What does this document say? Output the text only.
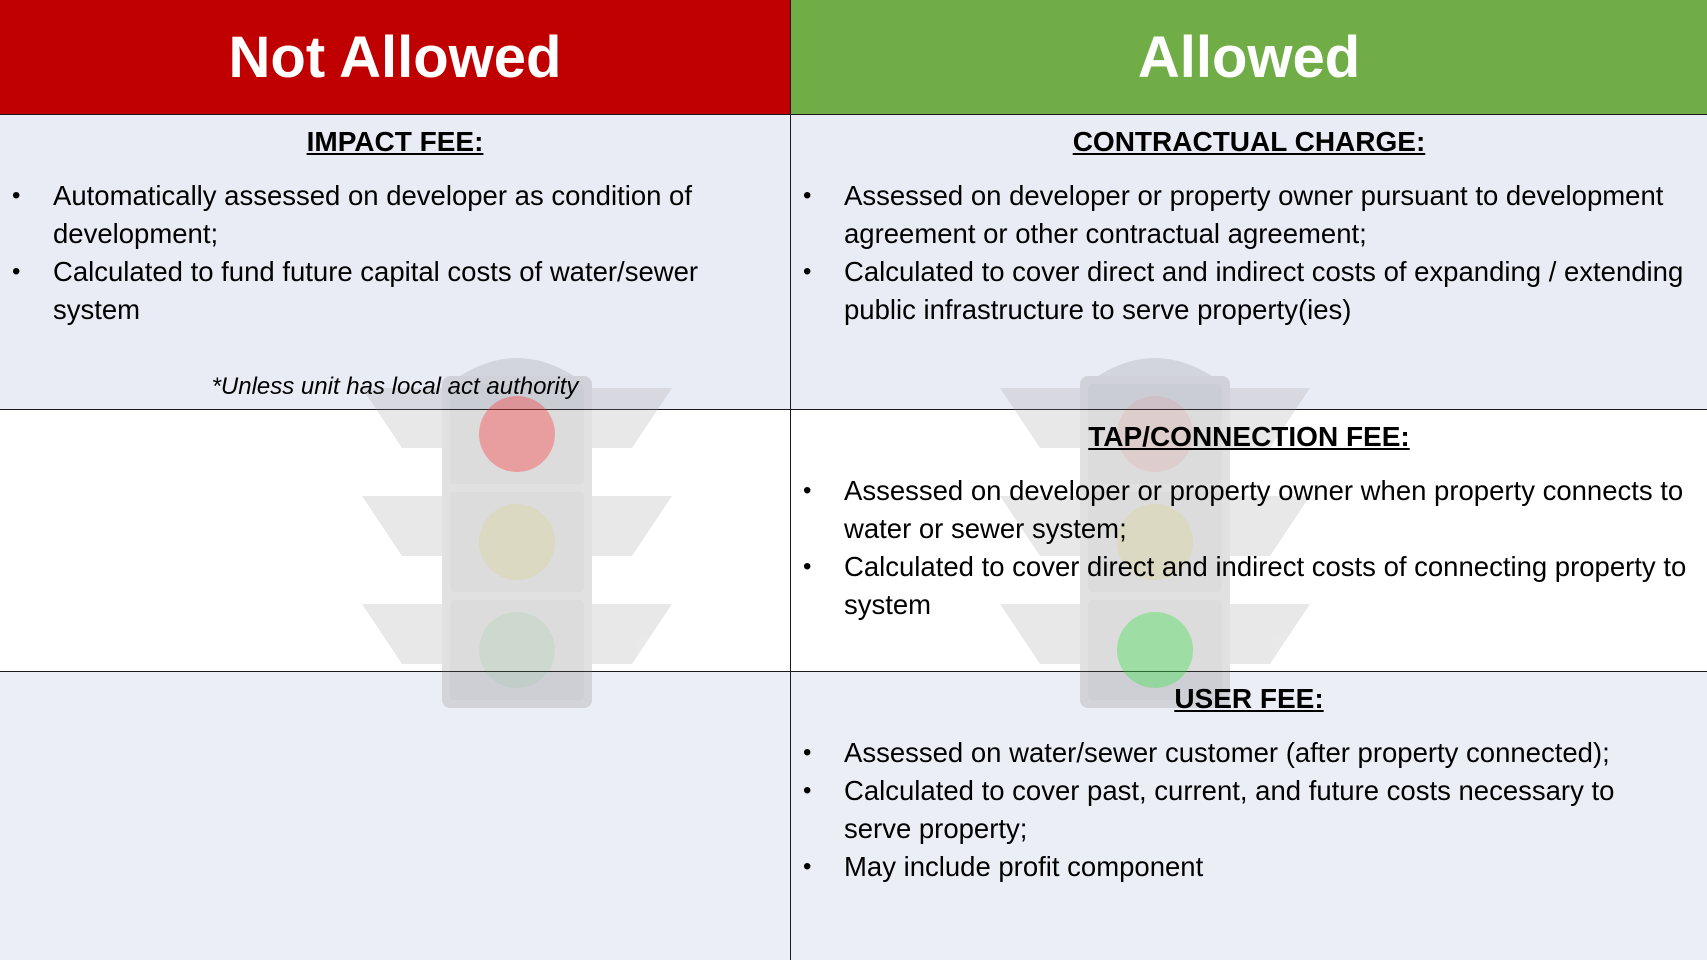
Not Allowed	Allowed
IMPACT FEE:
• Automatically assessed on developer as condition of development;
• Calculated to fund future capital costs of water/sewer system
*Unless unit has local act authority
CONTRACTUAL CHARGE:
• Assessed on developer or property owner pursuant to development agreement or other contractual agreement;
• Calculated to cover direct and indirect costs of expanding / extending public infrastructure to serve property(ies)
TAP/CONNECTION FEE:
• Assessed on developer or property owner when property connects to water or sewer system;
• Calculated to cover direct and indirect costs of connecting property to system
USER FEE:
• Assessed on water/sewer customer (after property connected);
• Calculated to cover past, current, and future costs necessary to serve property;
• May include profit component
